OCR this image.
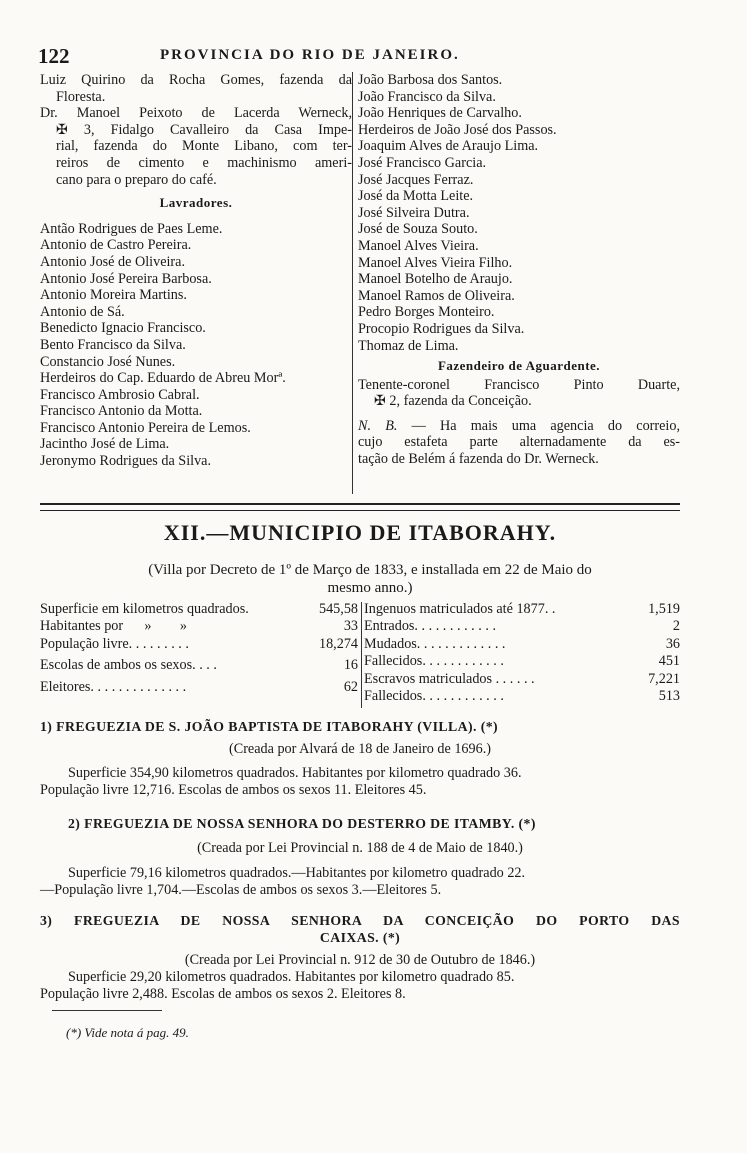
122	PROVINCIA DO RIO DE JANEIRO.
Luiz Quirino da Rocha Gomes, fazenda da
Floresta.
Dr. Manoel Peixoto de Lacerda Werneck,
✠ 3, Fidalgo Cavalleiro da Casa Impe-
rial, fazenda do Monte Libano, com ter-
reiros de cimento e machinismo ameri-
cano para o preparo do café.
Lavradores.
Antão Rodrigues de Paes Leme.
Antonio de Castro Pereira.
Antonio José de Oliveira.
Antonio José Pereira Barbosa.
Antonio Moreira Martins.
Antonio de Sá.
Benedicto Ignacio Francisco.
Bento Francisco da Silva.
Constancio José Nunes.
Herdeiros do Cap. Eduardo de Abreu Morª.
Francisco Ambrosio Cabral.
Francisco Antonio da Motta.
Francisco Antonio Pereira de Lemos.
Jacintho José de Lima.
Jeronymo Rodrigues da Silva.
João Barbosa dos Santos.
João Francisco da Silva.
João Henriques de Carvalho.
Herdeiros de João José dos Passos.
Joaquim Alves de Araujo Lima.
José Francisco Garcia.
José Jacques Ferraz.
José da Motta Leite.
José Silveira Dutra.
José de Souza Souto.
Manoel Alves Vieira.
Manoel Alves Vieira Filho.
Manoel Botelho de Araujo.
Manoel Ramos de Oliveira.
Pedro Borges Monteiro.
Procopio Rodrigues da Silva.
Thomaz de Lima.
Fazendeiro de Aguardente.
Tenente-coronel Francisco Pinto Duarte,
✠ 2, fazenda da Conceição.
N. B. — Ha mais uma agencia do correio,
cujo estafeta parte alternadamente da es-
tação de Belém á fazenda do Dr. Werneck.
XII.—MUNICIPIO DE ITABORAHY.
(Villa por Decreto de 1º de Março de 1833, e installada em 22 de Maio do
mesmo anno.)
Superficie em kilometros quadrados.	545,58
Habitantes por      »        »	33
População livre. . . . . . . . .	18,274
Escolas de ambos os sexos. . . .	16
Eleitores. . . . . . . . . . . . . .	62
Ingenuos matriculados até 1877. .	1,519
Entrados. . . . . . . . . . . .	2
Mudados. . . . . . . . . . . . .	36
Fallecidos. . . . . . . . . . . .	451
Escravos matriculados . . . . . .	7,221
Fallecidos. . . . . . . . . . . .	513
1) FREGUEZIA DE S. JOÃO BAPTISTA DE ITABORAHY (VILLA). (*)
(Creada por Alvará de 18 de Janeiro de 1696.)
Superficie 354,90 kilometros quadrados. Habitantes por kilometro quadrado 36.
População livre 12,716. Escolas de ambos os sexos 11. Eleitores 45.
2) FREGUEZIA DE NOSSA SENHORA DO DESTERRO DE ITAMBY. (*)
(Creada por Lei Provincial n. 188 de 4 de Maio de 1840.)
Superficie 79,16 kilometros quadrados.—Habitantes por kilometro quadrado 22.
—População livre 1,704.—Escolas de ambos os sexos 3.—Eleitores 5.
3) FREGUEZIA DE NOSSA SENHORA DA CONCEIÇÃO DO PORTO DAS
CAIXAS. (*)
(Creada por Lei Provincial n. 912 de 30 de Outubro de 1846.)
Superficie 29,20 kilometros quadrados. Habitantes por kilometro quadrado 85.
População livre 2,488. Escolas de ambos os sexos 2. Eleitores 8.
(*) Vide nota á pag. 49.
